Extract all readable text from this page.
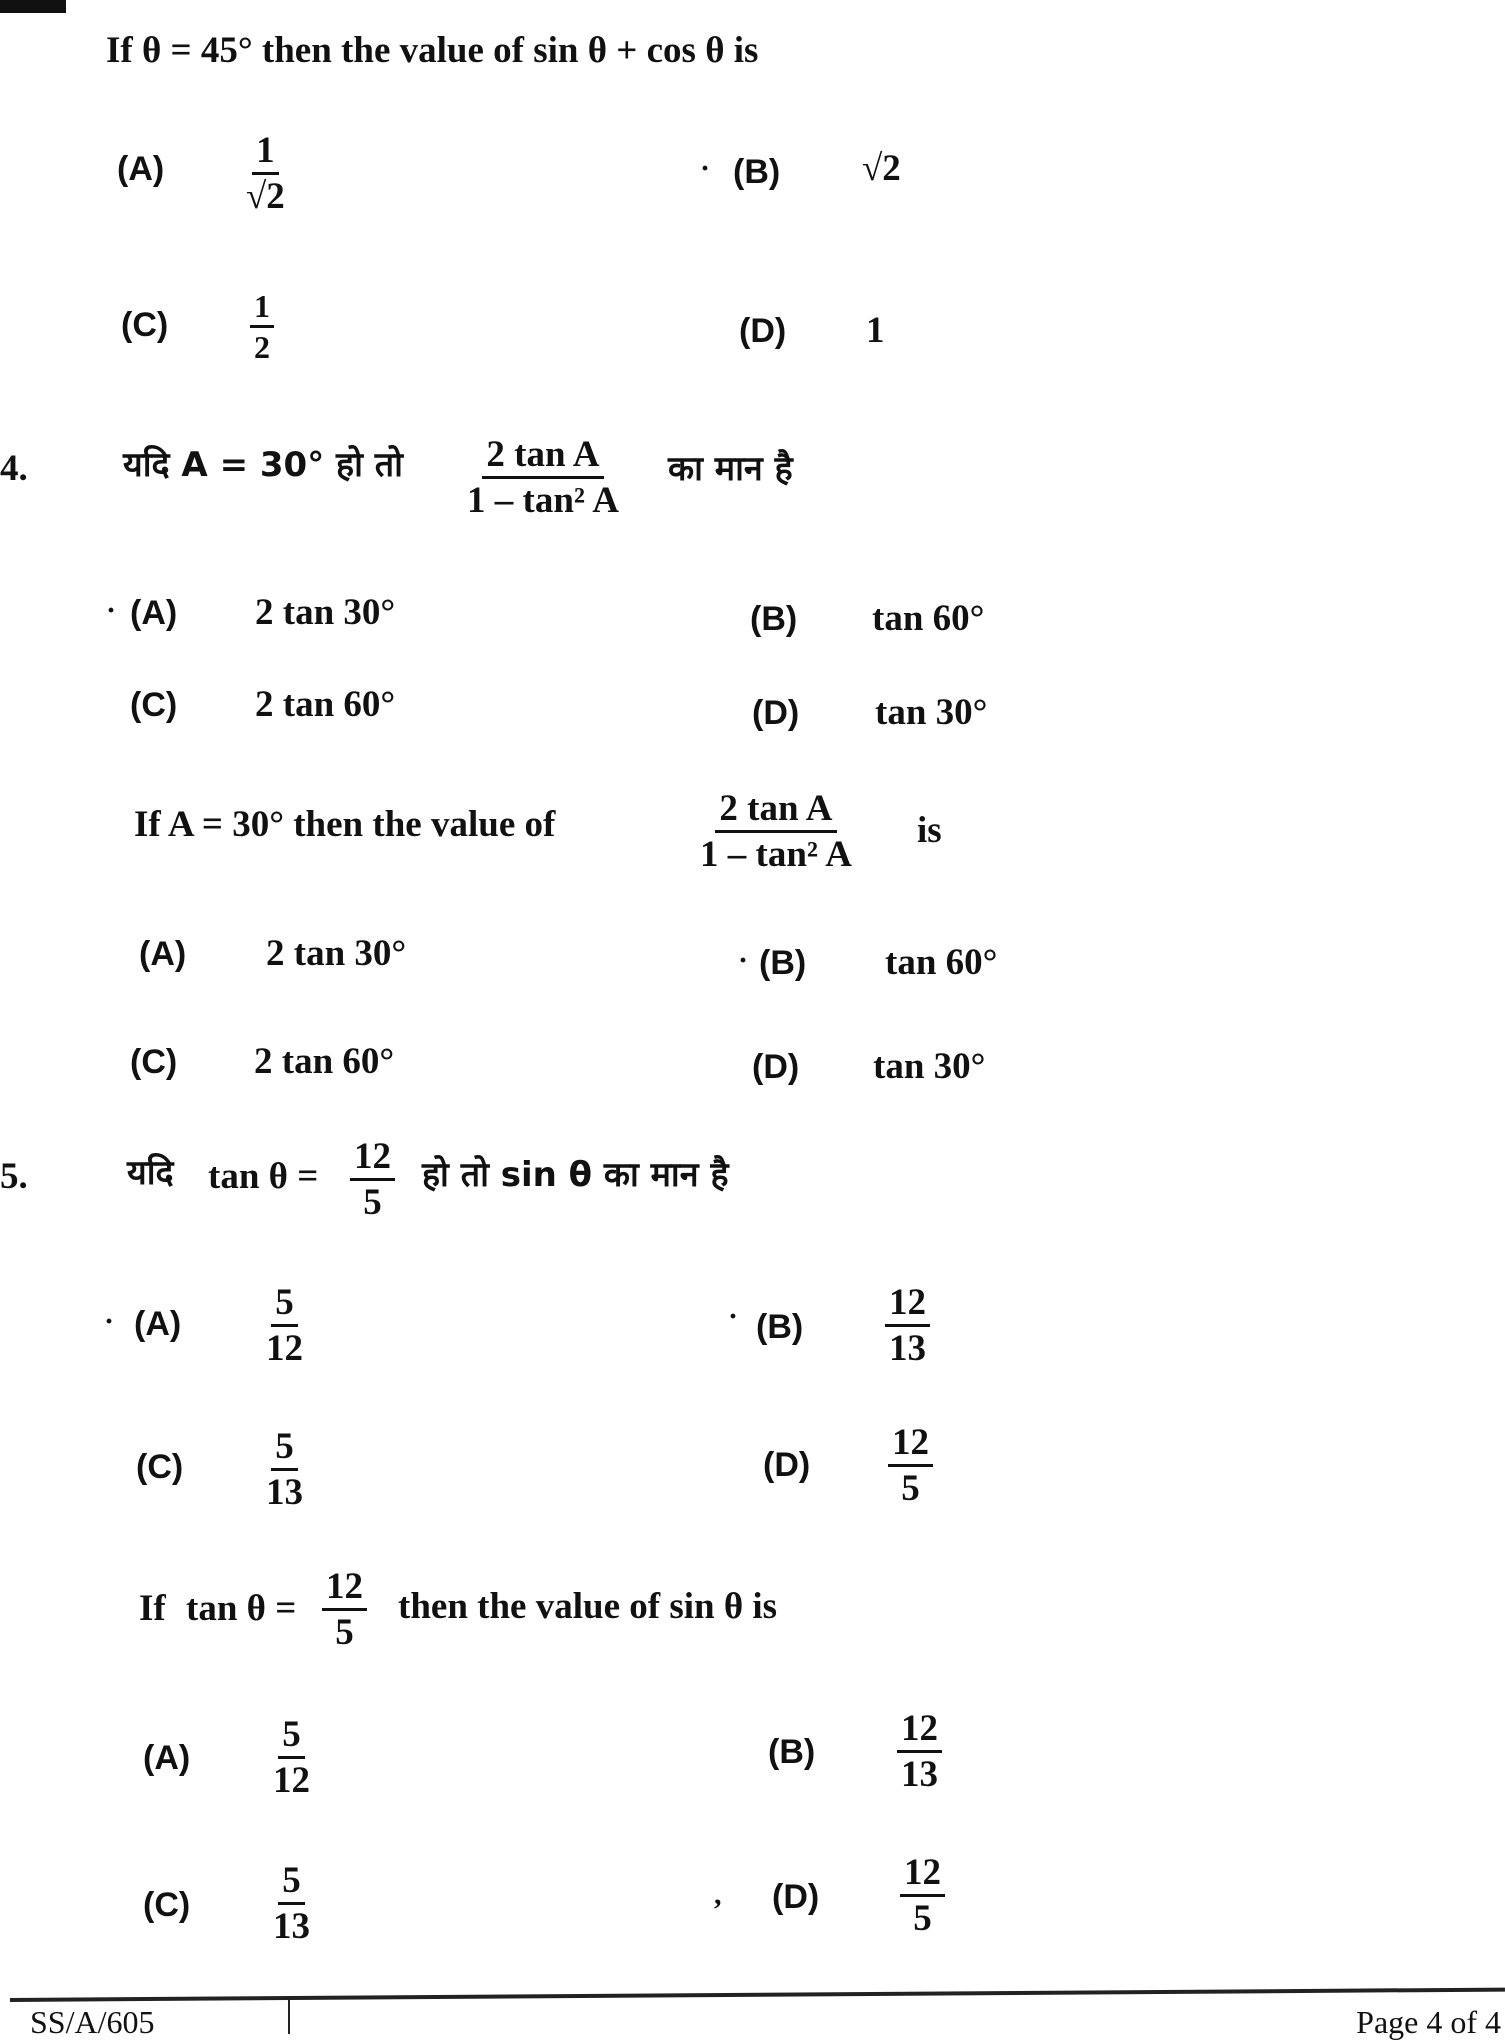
If θ = 45° then the value of sin θ + cos θ is
$(A) \frac{1}{√2}$	· (B) √2
(C)	$\frac{1}{2}$	(D) 1
4.	यदि A = 30° हो तो $\frac{\text{2 tan A}}{\text{1 – tan² A}}$ का मान है
· (A) 2 tan 30°	(B) tan 60°
(C) 2 tan 60°	(D) tan 30°
If A = 30° then the value of	$\frac{\text{2 tan A}}{\text{1 – tan² A}}$ is
(A) 2 tan 30°	· (B) tan 60°
(C) 2 tan 60°	(D) tan 30°
5.	यदि $\tan \theta = \frac{12}{5}$ हो तो sin θ का मान है
· $(A) \frac{5}{12}$	· $(B) \frac{12}{13}$
$(C) \frac{5}{13}$	$(D) \frac{12}{5}$
If $\tan \theta = \frac{12}{5}$ then the value of sin θ is
$(A) \frac{5}{12}$	$(B) \frac{12}{13}$
$(C) \frac{5}{13}$	, $(D) \frac{12}{5}$
SS/A/605	Page 4 of 4
